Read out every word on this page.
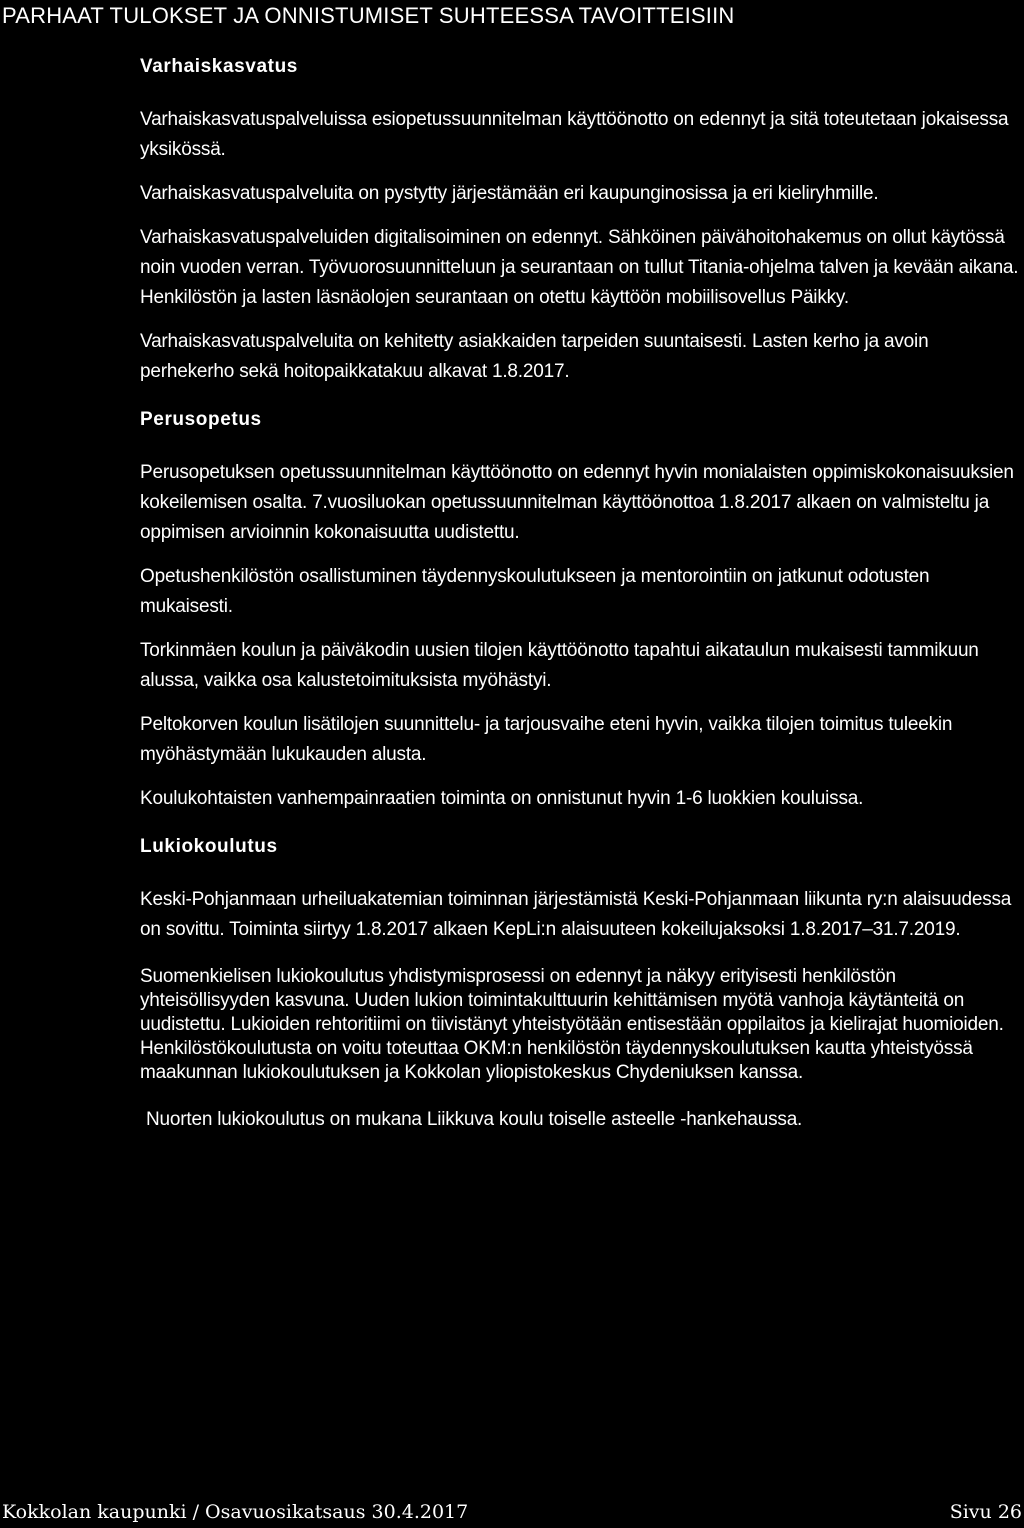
PARHAAT TULOKSET JA ONNISTUMISET SUHTEESSA TAVOITTEISIIN
Varhaiskasvatus

Varhaiskasvatuspalveluissa esiopetussuunnitelman käyttöönotto on edennyt ja sitä toteutetaan jokaisessa yksikössä.

Varhaiskasvatuspalveluita on pystytty järjestämään eri kaupunginosissa ja eri kieliryhmille.

Varhaiskasvatuspalveluiden digitalisoiminen on edennyt. Sähköinen päivähoitohakemus on ollut käytössä noin vuoden verran. Työvuorosuunnitteluun ja seurantaan on tullut Titania-ohjelma talven ja kevään aikana. Henkilöstön ja lasten läsnäolojen seurantaan on otettu käyttöön mobiilisovellus Päikky.

Varhaiskasvatuspalveluita on kehitetty asiakkaiden tarpeiden suuntaisesti. Lasten kerho ja avoin perhekerho sekä hoitopaikkatakuu alkavat 1.8.2017.

Perusopetus

Perusopetuksen opetussuunnitelman käyttöönotto on edennyt hyvin monialaisten oppimiskokonaisuuksien kokeilemisen osalta. 7.vuosiluokan opetussuunnitelman käyttöönottoa 1.8.2017 alkaen on valmisteltu ja oppimisen arvioinnin kokonaisuutta uudistettu.

Opetushenkilöstön osallistuminen täydennyskoulutukseen ja mentorointiin on jatkunut odotusten mukaisesti.

Torkinmäen koulun ja päiväkodin uusien tilojen käyttöönotto tapahtui aikataulun mukaisesti tammikuun alussa, vaikka osa kalustetoimituksista myöhästyi.

Peltokorven koulun lisätilojen suunnittelu- ja tarjousvaihe eteni hyvin, vaikka tilojen toimitus tuleekin myöhästymään lukukauden alusta.

Koulukohtaisten vanhempainraatien toiminta on onnistunut hyvin 1-6 luokkien kouluissa.

Lukiokoulutus

Keski-Pohjanmaan urheiluakatemian toiminnan järjestämistä Keski-Pohjanmaan liikunta ry:n alaisuudessa on sovittu. Toiminta siirtyy 1.8.2017 alkaen KepLi:n alaisuuteen kokeilujaksoksi 1.8.2017–31.7.2019.

Suomenkielisen lukiokoulutus yhdistymisprosessi on edennyt ja näkyy erityisesti henkilöstön yhteisöllisyyden kasvuna. Uuden lukion toimintakulttuurin kehittämisen myötä vanhoja käytänteitä on uudistettu. Lukioiden rehtoritiimi on tiivistänyt yhteistyötään entisestään oppilaitos ja kielirajat huomioiden. Henkilöstökoulutusta on voitu toteuttaa OKM:n henkilöstön täydennyskoulutuksen kautta yhteistyössä maakunnan lukiokoulutuksen ja Kokkolan yliopistokeskus Chydeniuksen kanssa.

Nuorten lukiokoulutus on mukana Liikkuva koulu toiselle asteelle -hankehaussa.

Kokkolan kaupunki / Osavuosikatsaus 30.4.2017	Sivu 26
